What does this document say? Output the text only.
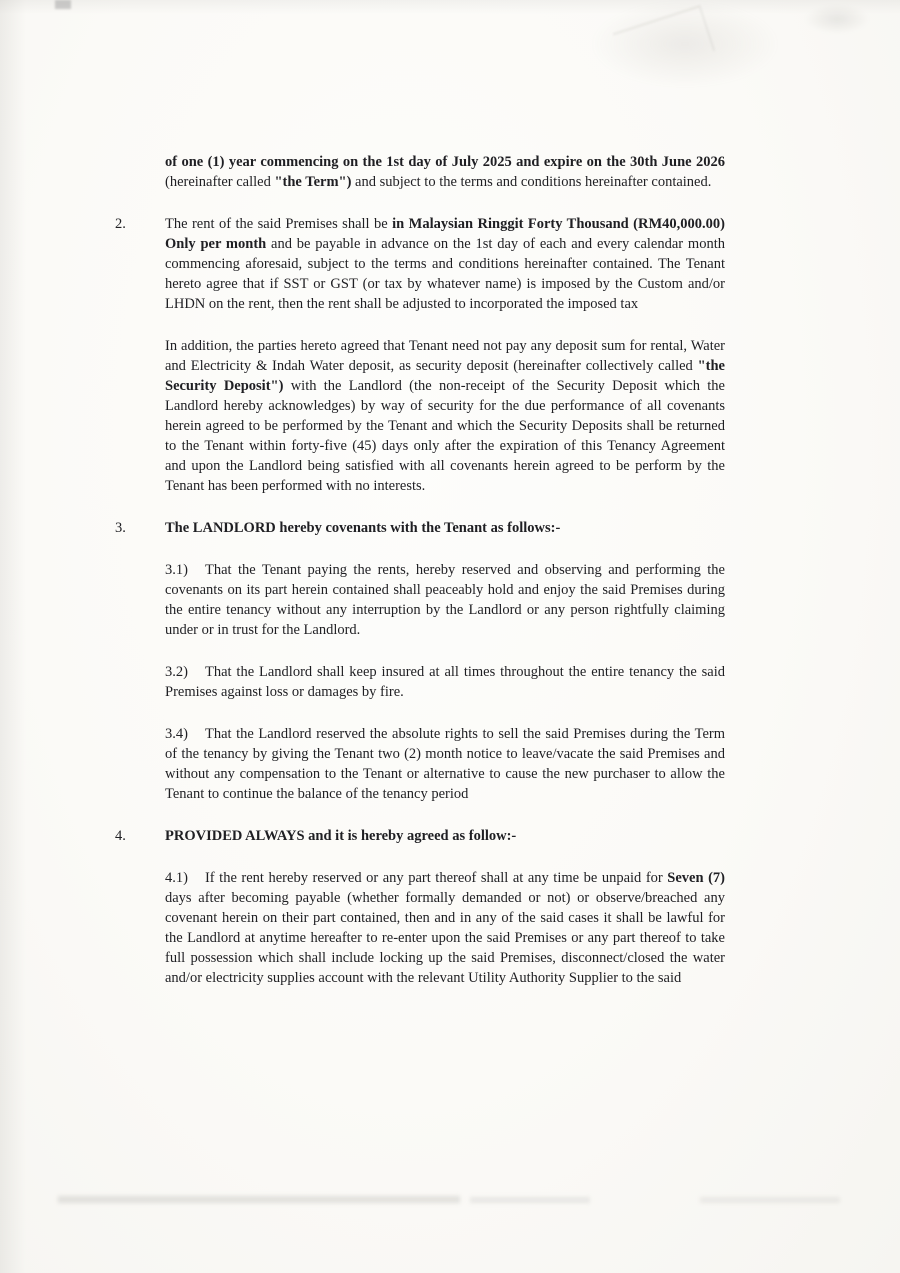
of one (1) year commencing on the 1st day of July 2025 and expire on the 30th June 2026 (hereinafter called "the Term") and subject to the terms and conditions hereinafter contained.
2.	The rent of the said Premises shall be in Malaysian Ringgit Forty Thousand (RM40,000.00) Only per month and be payable in advance on the 1st day of each and every calendar month commencing aforesaid, subject to the terms and conditions hereinafter contained. The Tenant hereto agree that if SST or GST (or tax by whatever name) is imposed by the Custom and/or LHDN on the rent, then the rent shall be adjusted to incorporated the imposed tax
In addition, the parties hereto agreed that Tenant need not pay any deposit sum for rental, Water and Electricity & Indah Water deposit, as security deposit (hereinafter collectively called "the Security Deposit") with the Landlord (the non-receipt of the Security Deposit which the Landlord hereby acknowledges) by way of security for the due performance of all covenants herein agreed to be performed by the Tenant and which the Security Deposits shall be returned to the Tenant within forty-five (45) days only after the expiration of this Tenancy Agreement and upon the Landlord being satisfied with all covenants herein agreed to be perform by the Tenant has been performed with no interests.
3.	The LANDLORD hereby covenants with the Tenant as follows:-
3.1) That the Tenant paying the rents, hereby reserved and observing and performing the covenants on its part herein contained shall peaceably hold and enjoy the said Premises during the entire tenancy without any interruption by the Landlord or any person rightfully claiming under or in trust for the Landlord.
3.2) That the Landlord shall keep insured at all times throughout the entire tenancy the said Premises against loss or damages by fire.
3.4) That the Landlord reserved the absolute rights to sell the said Premises during the Term of the tenancy by giving the Tenant two (2) month notice to leave/vacate the said Premises and without any compensation to the Tenant or alternative to cause the new purchaser to allow the Tenant to continue the balance of the tenancy period
4.	PROVIDED ALWAYS and it is hereby agreed as follow:-
4.1) If the rent hereby reserved or any part thereof shall at any time be unpaid for Seven (7) days after becoming payable (whether formally demanded or not) or observe/breached any covenant herein on their part contained, then and in any of the said cases it shall be lawful for the Landlord at anytime hereafter to re-enter upon the said Premises or any part thereof to take full possession which shall include locking up the said Premises, disconnect/closed the water and/or electricity supplies account with the relevant Utility Authority Supplier to the said
